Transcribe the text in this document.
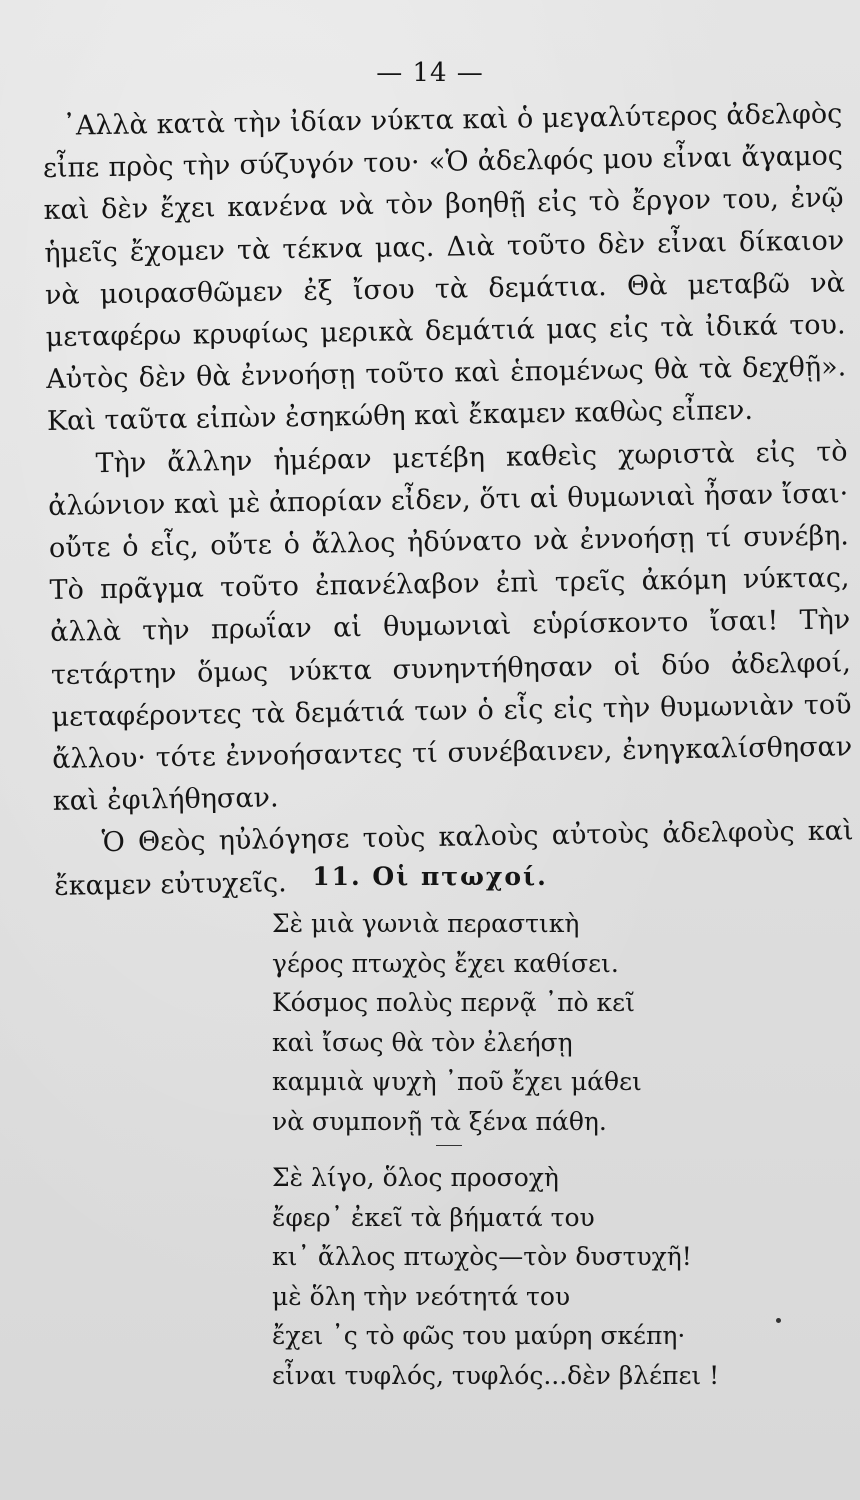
— 14 —

᾿Αλλὰ κατὰ τὴν ἰδίαν νύκτα καὶ ὁ μεγαλύτερος ἀδελφὸς εἶπε πρὸς τὴν σύζυγόν του· «Ὁ ἀδελφός μου εἶναι ἄγαμος καὶ δὲν ἔχει κανένα νὰ τὸν βοηθῇ εἰς τὸ ἔργον του, ἐνῷ ἡμεῖς ἔχομεν τὰ τέκνα μας. Διὰ τοῦτο δὲν εἶναι δίκαιον νὰ μοιρασθῶμεν ἐξ ἴσου τὰ δεμάτια. Θὰ μεταβῶ νὰ μεταφέρω κρυφίως μερικὰ δεμάτιά μας εἰς τὰ ἰδικά του. Αὐτὸς δὲν θὰ ἐννοήσῃ τοῦτο καὶ ἑπομένως θὰ τὰ δεχθῇ». Καὶ ταῦτα εἰπὼν ἐσηκώθη καὶ ἔκαμεν καθὼς εἶπεν.

Τὴν ἄλλην ἡμέραν μετέβη καθεὶς χωριστὰ εἰς τὸ ἀλώνιον καὶ μὲ ἀπορίαν εἶδεν, ὅτι αἱ θυμωνιαὶ ἦσαν ἴσαι· οὔτε ὁ εἷς, οὔτε ὁ ἄλλος ἠδύνατο νὰ ἐννοήσῃ τί συνέβη. Τὸ πρᾶγμα τοῦτο ἐπανέλαβον ἐπὶ τρεῖς ἀκόμη νύκτας, ἀλλὰ τὴν πρωΐαν αἱ θυμωνιαὶ εὑρίσκοντο ἴσαι! Τὴν τετάρτην ὅμως νύκτα συνηντήθησαν οἱ δύο ἀδελφοί, μεταφέροντες τὰ δεμάτιά των ὁ εἷς εἰς τὴν θυμωνιὰν τοῦ ἄλλου· τότε ἐννοήσαντες τί συνέβαινεν, ἐνηγκαλίσθησαν καὶ ἐφιλήθησαν.

Ὁ Θεὸς ηὐλόγησε τοὺς καλοὺς αὐτοὺς ἀδελφοὺς καὶ ἔκαμεν εὐτυχεῖς.	11. Οἱ πτωχοί.
Σὲ μιὰ γωνιὰ περαστικὴ
γέρος πτωχὸς ἔχει καθίσει.
Κόσμος πολὺς περνᾷ ᾽πὸ κεῖ
καὶ ἴσως θὰ τὸν ἐλεήσῃ
καμμιὰ ψυχὴ ᾽ποῦ ἔχει μάθει
νὰ συμπονῇ τὰ ξένα πάθη.
Σὲ λίγο, ὅλος προσοχὴ
ἔφερ᾽ ἐκεῖ τὰ βήματά του
κι᾽ ἄλλος πτωχὸς—τὸν δυστυχῆ!
μὲ ὅλη τὴν νεότητά του
ἔχει ᾽ς τὸ φῶς του μαύρη σκέπη·
εἶναι τυφλός, τυφλός...δὲν βλέπει !
